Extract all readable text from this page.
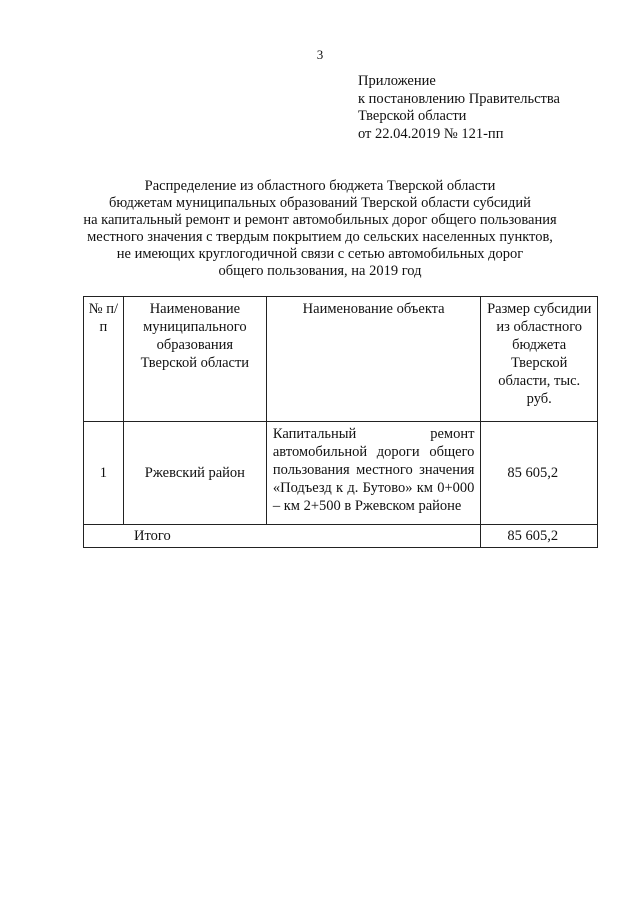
3
Приложение
к постановлению Правительства
Тверской области
от 22.04.2019 № 121-пп
Распределение из областного бюджета Тверской области
бюджетам муниципальных образований Тверской области субсидий
на капитальный ремонт и ремонт автомобильных дорог общего пользования
местного значения с твердым покрытием до сельских населенных пунктов,
не имеющих круглогодичной связи с сетью автомобильных дорог
общего пользования, на 2019 год
№ п/п	Наименование муниципального образования Тверской области	Наименование объекта	Размер субсидии из областного бюджета Тверской области, тыс. руб.
1	Ржевский район	Капитальный ремонт автомобильной дороги общего пользования местного значения «Подъезд к д. Бутово» км 0+000 – км 2+500 в Ржевском районе	85 605,2
Итого			85 605,2
